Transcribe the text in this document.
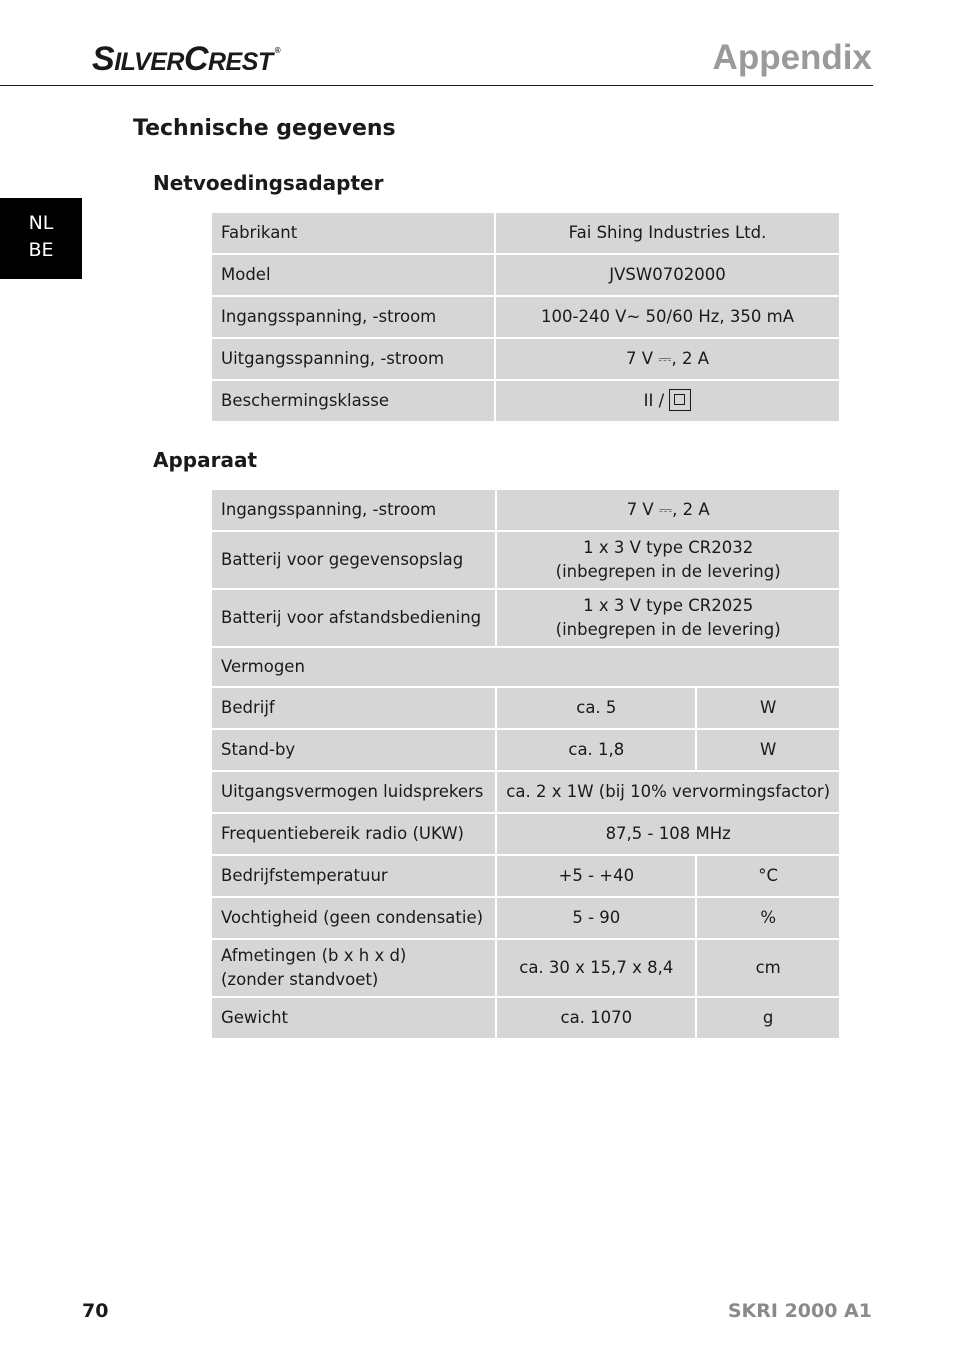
SILVERCREST ®	Appendix
NL
BE
Technische gegevens
Netvoedingsadapter
Fabrikant	Fai Shing Industries Ltd.
Model	JVSW0702000
Ingangsspanning, -stroom	100-240 V~ 50/60 Hz, 350 mA
Uitgangsspanning, -stroom	7 V ⎓, 2 A
Beschermingsklasse	II /
Apparaat
Ingangsspanning, -stroom	7 V ⎓, 2 A	
Batterij voor gegevensopslag	1 x 3 V type CR2032
(inbegrepen in de levering)	

Batterij voor afstandsbediening	1 x 3 V type CR2025
(inbegrepen in de levering)	

Vermogen		
Bedrijf	ca. 5	W
Stand-by	ca. 1,8	W
Uitgangsvermogen luidsprekers	ca. 2 x 1W (bij 10% vervormingsfactor)	
Frequentiebereik radio (UKW)	87,5 - 108 MHz	
Bedrijfstemperatuur	+5 - +40	°C
Vochtigheid (geen condensatie)	5 - 90	%

Afmetingen (b x h x d)
(zonder standvoet)	ca. 30 x 15,7 x 8,4	cm
Gewicht	ca. 1070	g
70	SKRI 2000 A1
